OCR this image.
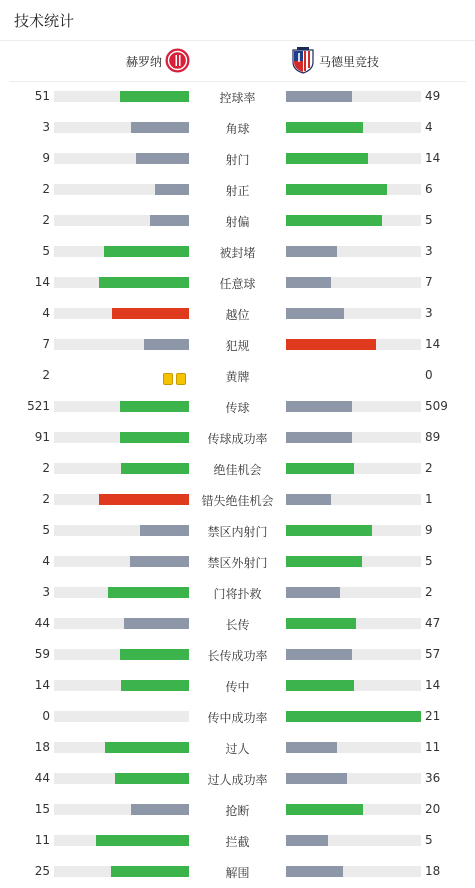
技术统计
赫罗纳	马德里竞技
51	控球率	49
3	角球	4
9	射门	14
2	射正	6
2	射偏	5
5	被封堵	3
14	任意球	7
4	越位	3
7	犯规	14
2	黄牌	0
521	传球	509
91	传球成功率	89
2	绝佳机会	2
2	错失绝佳机会	1
5	禁区内射门	9
4	禁区外射门	5
3	门将扑救	2
44	长传	47
59	长传成功率	57
14	传中	14
0	传中成功率	21
18	过人	11
44	过人成功率	36
15	抢断	20
11	拦截	5
25	解围	18
